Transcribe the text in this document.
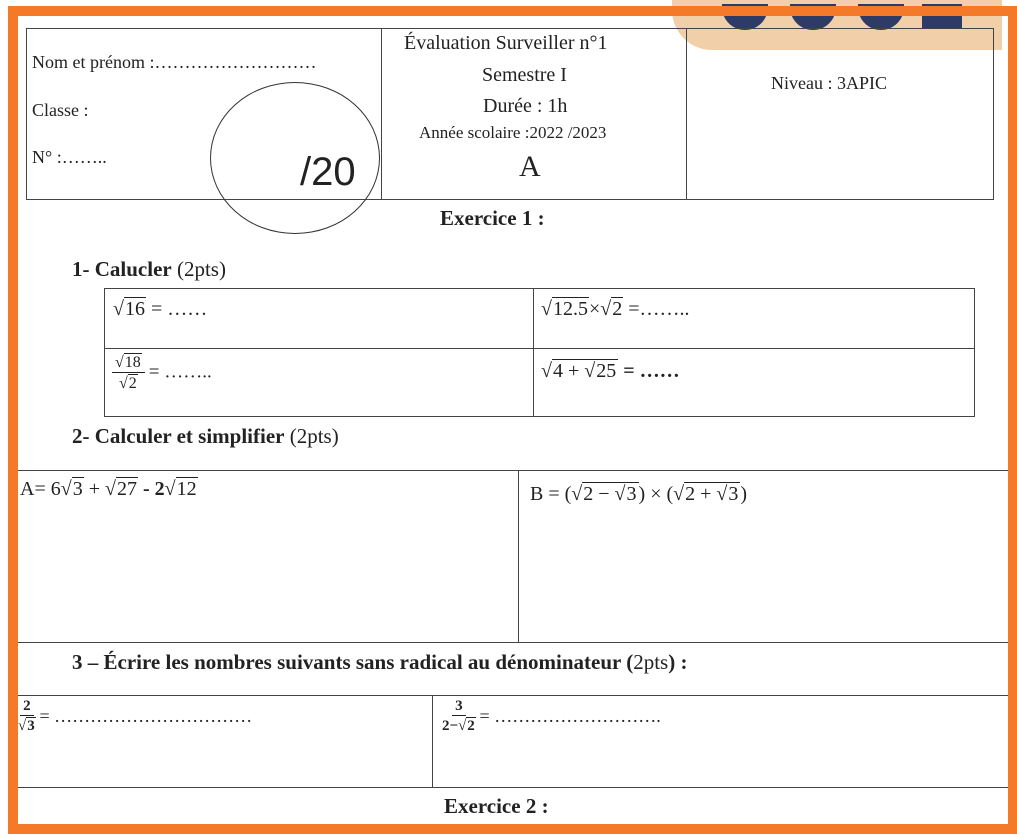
Nom et prénom :………………………
Classe :
N° :……..	/20
Évaluation Surveiller n°1
Semestre I
Durée : 1h
Année scolaire :2022 /2023
A
Niveau : 3APIC
Exercice 1 :
1- Calucler (2pts)
√16 = ……	√12.5×√2 =……..
$\frac{√18}{√2}$ = ……..	√4 + √25 = ……
2- Calculer et simplifier (2pts)
A= 6√3 + √27 - 2√12	B = (√2 − √3 ) × (√2 + √3 )
3 – Écrire les nombres suivants sans radical au dénominateur (2pts) :
$\frac{2}{√3}$ = ……………………………	$\frac{3}{2-√2}$ = ……………………….
Exercice 2 :
